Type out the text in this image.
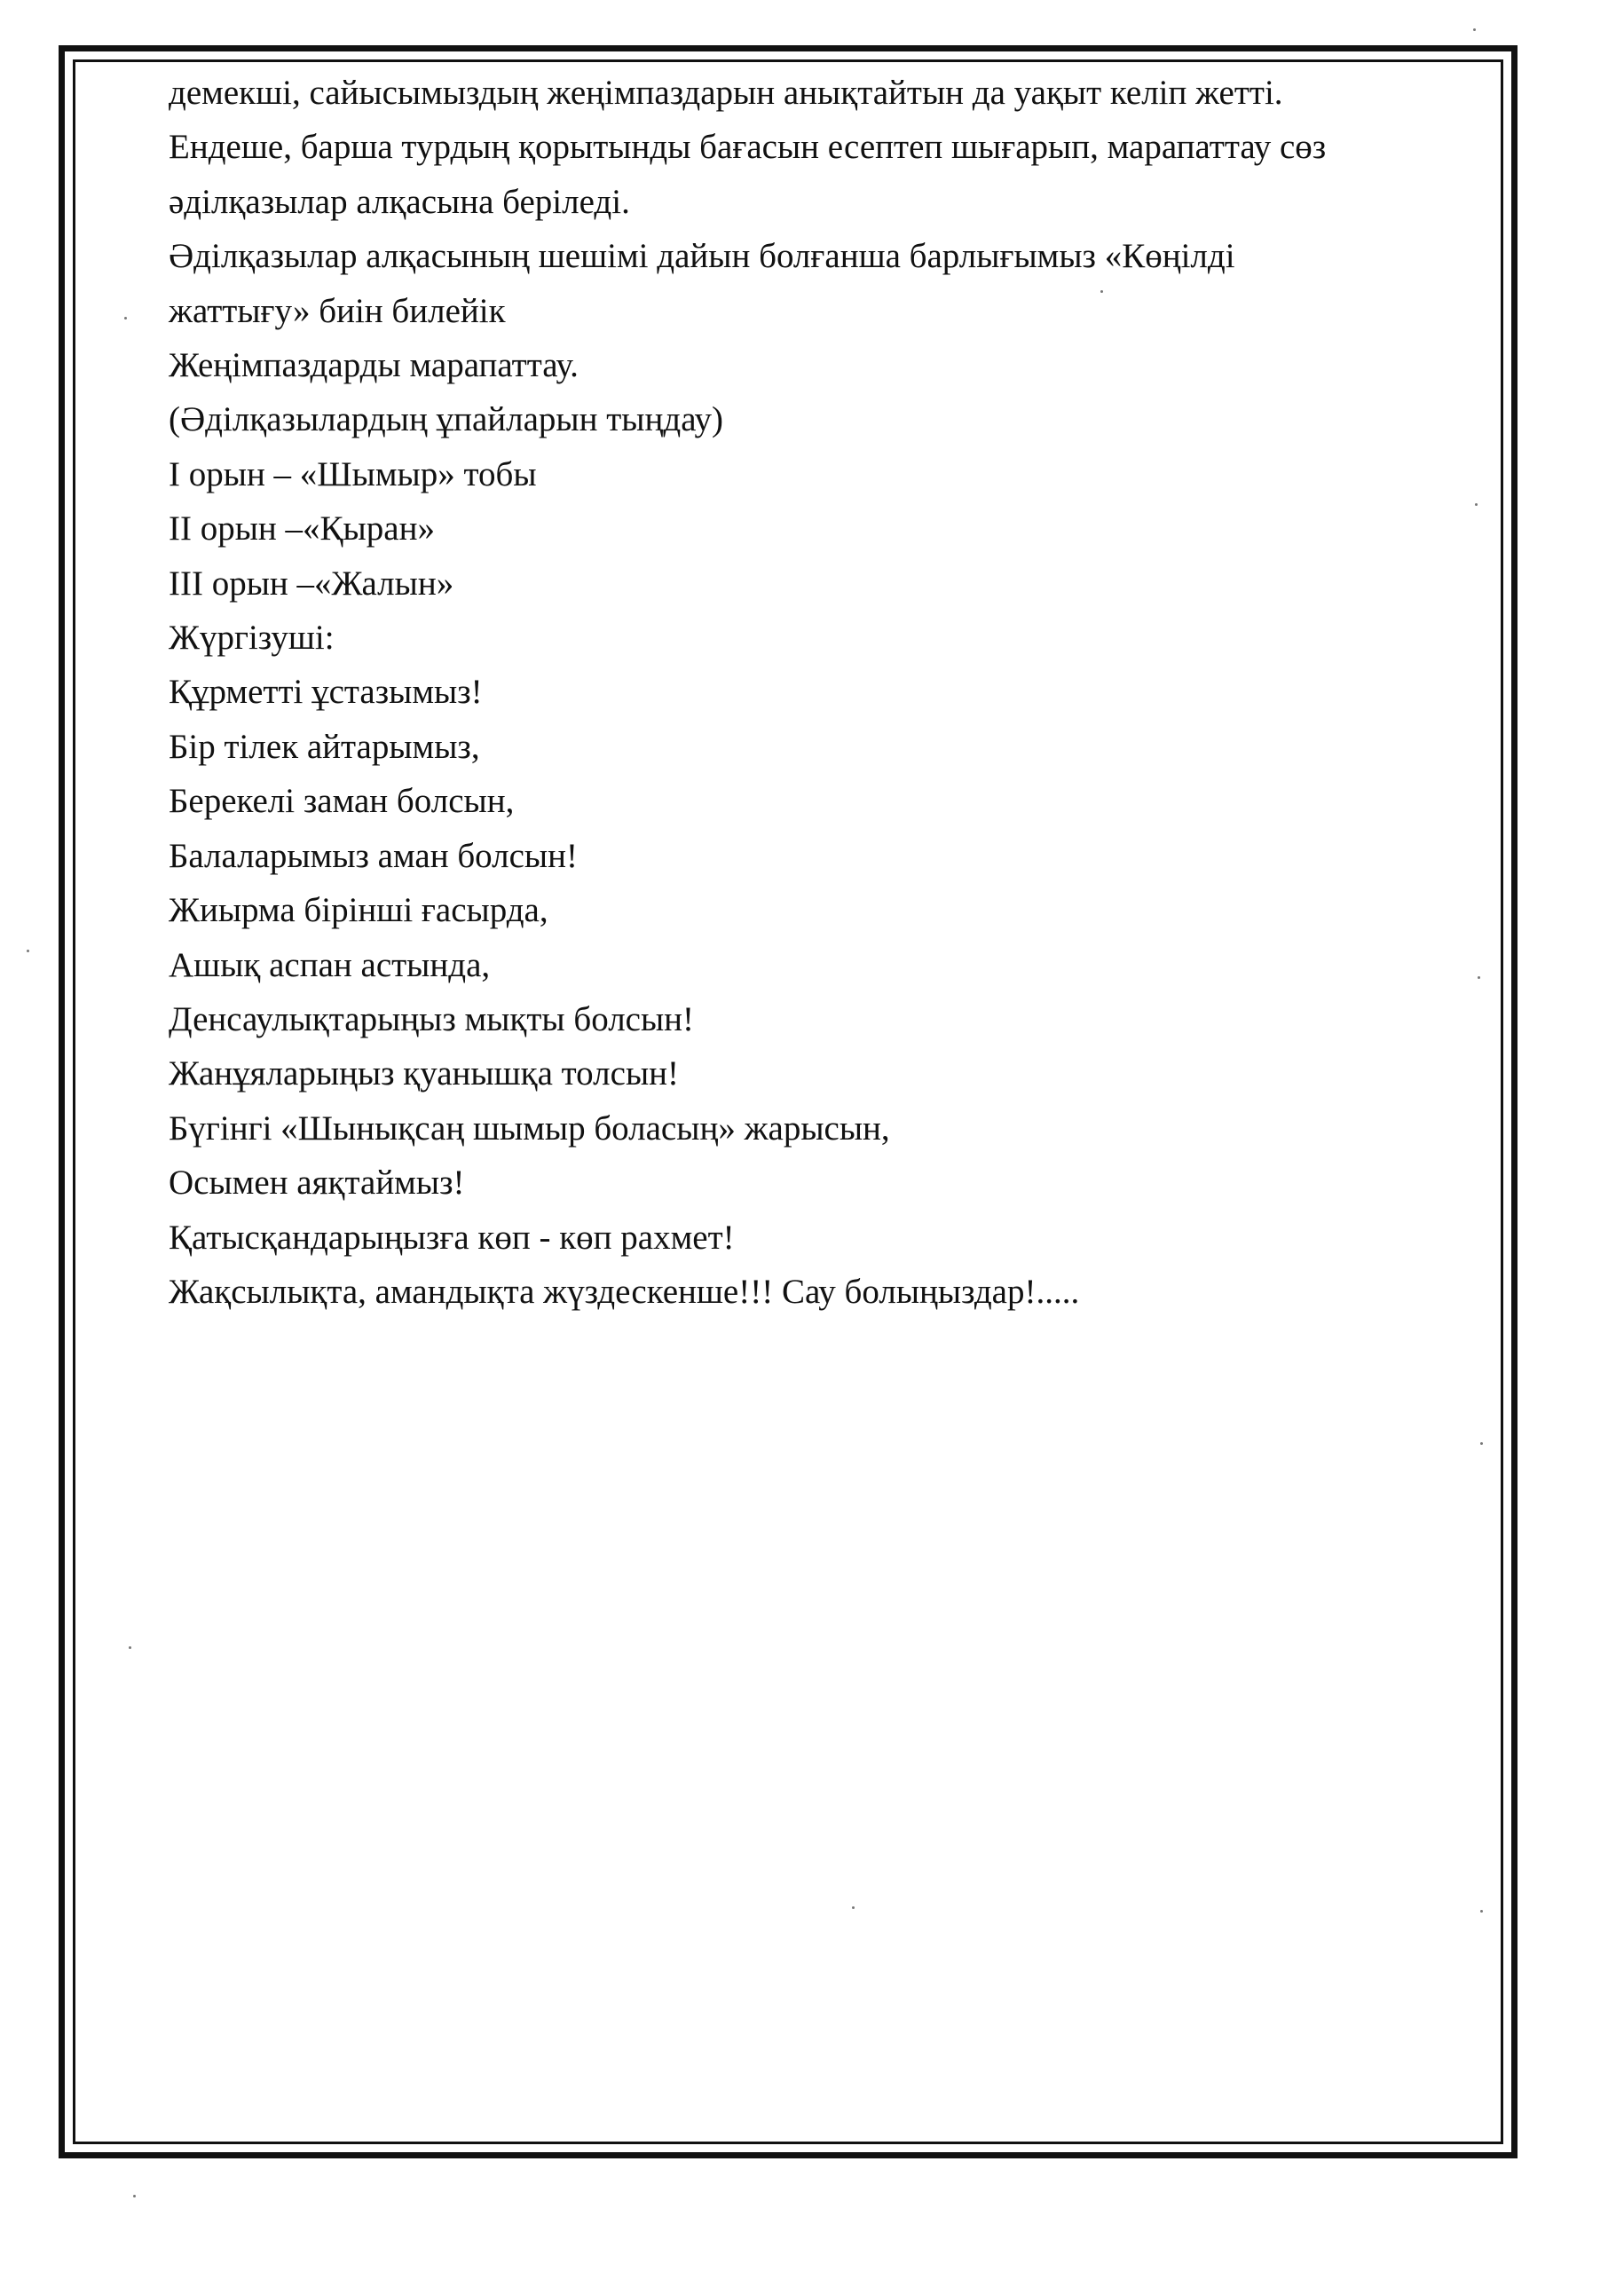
демекші, сайысымыздың жеңімпаздарын анықтайтын да уақыт келіп жетті.
Ендеше, барша турдың қорытынды бағасын есептеп шығарып, марапаттау сөз
әділқазылар алқасына беріледі.
Әділқазылар алқасының шешімі дайын болғанша барлығымыз «Көңілді
жаттығу» биін билейік
Жеңімпаздарды марапаттау.
(Әділқазылардың ұпайларын тыңдау)
І орын – «Шымыр» тобы
ІІ орын –«Қыран»
ІІІ орын –«Жалын»
Жүргізуші:
Құрметті ұстазымыз!
Бір тілек айтарымыз,
Берекелі заман болсын,
Балаларымыз аман болсын!
Жиырма бірінші ғасырда,
Ашық аспан астында,
Денсаулықтарыңыз мықты болсын!
Жанұяларыңыз қуанышқа толсын!
Бүгінгі «Шынықсаң шымыр боласың» жарысын,
Осымен аяқтаймыз!
Қатысқандарыңызға көп - көп рахмет!
Жақсылықта, амандықта жүздескенше!!! Сау болыңыздар!.....
